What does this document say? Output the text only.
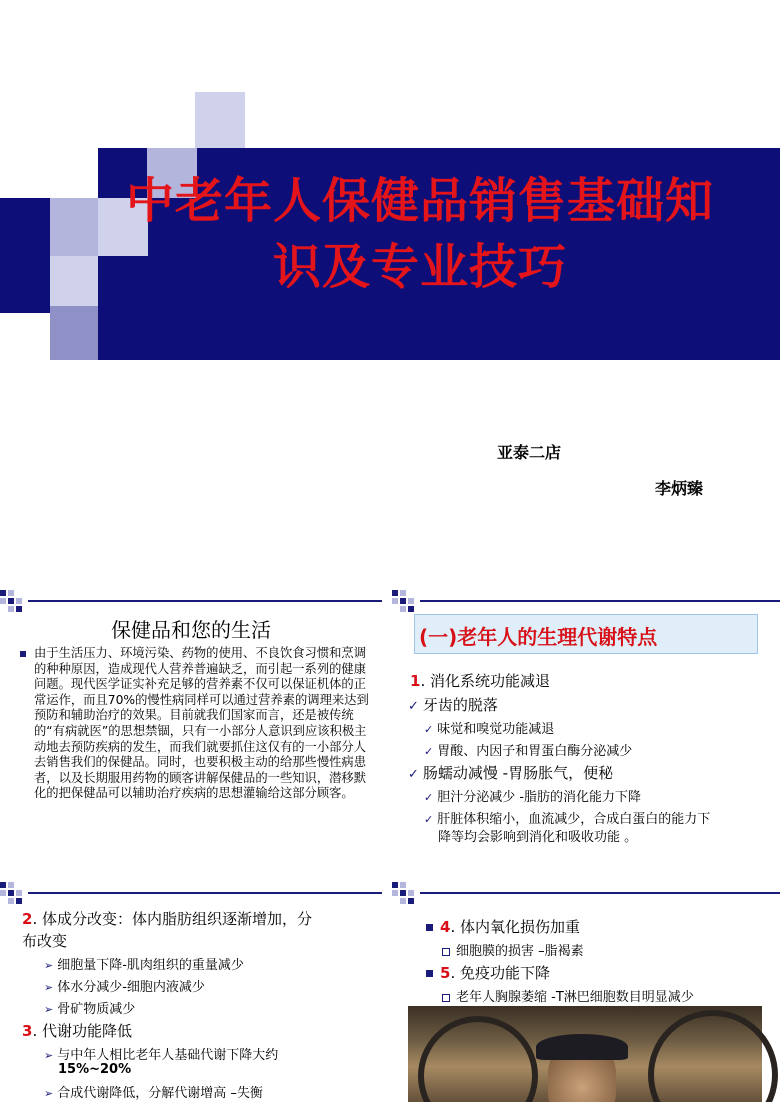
中老年人保健品销售基础知
识及专业技巧
亚泰二店
李炳臻
保健品和您的生活

由于生活压力、环境污染、药物的使用、不良饮食习惯和烹调的种种原因，造成现代人营养普遍缺乏，而引起一系列的健康问题。现代医学证实补充足够的营养素不仅可以保证机体的正常运作，而且70%的慢性病同样可以通过营养素的调理来达到预防和辅助治疗的效果。目前就我们国家而言，还是被传统的“有病就医”的思想禁锢，只有一小部分人意识到应该积极主动地去预防疾病的发生，而我们就要抓住这仅有的一小部分人去销售我们的保健品。同时，也要积极主动的给那些慢性病患者，以及长期服用药物的顾客讲解保健品的一些知识，潜移默化的把保健品可以辅助治疗疾病的思想灌输给这部分顾客。

(一)老年人的生理代谢特点
1. 消化系统功能减退
✓ 牙齿的脱落
✓ 味觉和嗅觉功能减退
✓ 胃酸、内因子和胃蛋白酶分泌减少
✓ 肠蠕动减慢 -胃肠胀气，便秘
✓ 胆汁分泌减少 -脂肪的消化能力下降
✓ 肝脏体积缩小，血流减少，合成白蛋白的能力下
降等均会影响到消化和吸收功能 。
2. 体成分改变：体内脂肪组织逐渐增加，分
布改变
➢ 细胞量下降-肌肉组织的重量减少
➢ 体水分减少-细胞内液减少
➢ 骨矿物质减少
3. 代谢功能降低
➢ 与中年人相比老年人基础代谢下降大约
15%~20%
➢ 合成代谢降低，分解代谢增高 –失衡
4. 体内氧化损伤加重
细胞膜的损害 –脂褐素
5. 免疫功能下降
老年人胸腺萎缩 -T淋巴细胞数目明显减少
